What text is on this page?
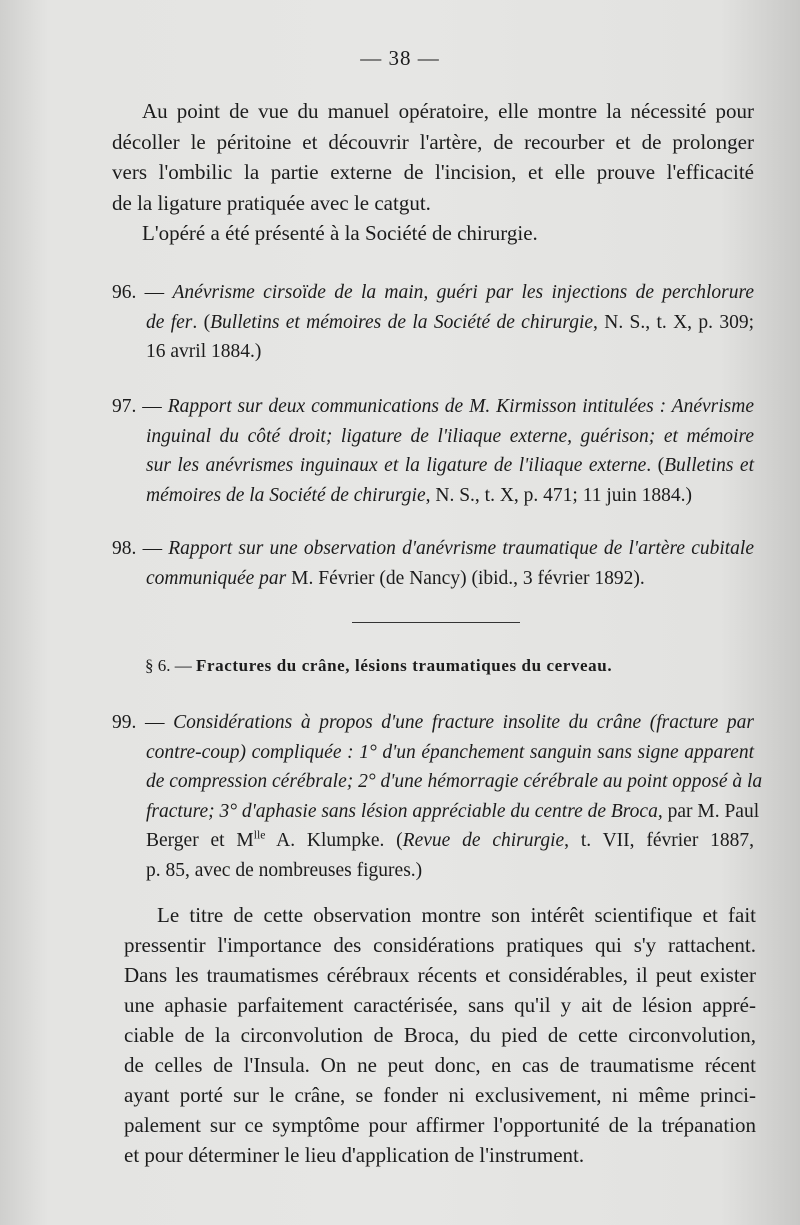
— 38 —
Au point de vue du manuel opératoire, elle montre la nécessité pour
décoller le péritoine et découvrir l'artère, de recourber et de prolonger
vers l'ombilic la partie externe de l'incision, et elle prouve l'efficacité
de la ligature pratiquée avec le catgut.
L'opéré a été présenté à la Société de chirurgie.
96. — Anévrisme cirsoïde de la main, guéri par les injections de perchlorure
de fer. (Bulletins et mémoires de la Société de chirurgie, N. S., t. X, p. 309;
16 avril 1884.)
97. — Rapport sur deux communications de M. Kirmisson intitulées : Anévrisme
inguinal du côté droit; ligature de l'iliaque externe, guérison; et mémoire
sur les anévrismes inguinaux et la ligature de l'iliaque externe. (Bulletins et
mémoires de la Société de chirurgie, N. S., t. X, p. 471; 11 juin 1884.)
98. — Rapport sur une observation d'anévrisme traumatique de l'artère cubitale
communiquée par M. Février (de Nancy) (ibid., 3 février 1892).
§ 6. — Fractures du crâne, lésions traumatiques du cerveau.
99. — Considérations à propos d'une fracture insolite du crâne (fracture par
contre-coup) compliquée : 1° d'un épanchement sanguin sans signe apparent
de compression cérébrale; 2° d'une hémorragie cérébrale au point opposé à la
fracture; 3° d'aphasie sans lésion appréciable du centre de Broca, par M. Paul
Berger et $M^{lle}$ A. Klumpke. (Revue de chirurgie, t. VII, février 1887,
p. 85, avec de nombreuses figures.)
Le titre de cette observation montre son intérêt scientifique et fait
pressentir l'importance des considérations pratiques qui s'y rattachent.
Dans les traumatismes cérébraux récents et considérables, il peut exister
une aphasie parfaitement caractérisée, sans qu'il y ait de lésion appré-
ciable de la circonvolution de Broca, du pied de cette circonvolution,
de celles de l'Insula. On ne peut donc, en cas de traumatisme récent
ayant porté sur le crâne, se fonder ni exclusivement, ni même princi-
palement sur ce symptôme pour affirmer l'opportunité de la trépanation
et pour déterminer le lieu d'application de l'instrument.
